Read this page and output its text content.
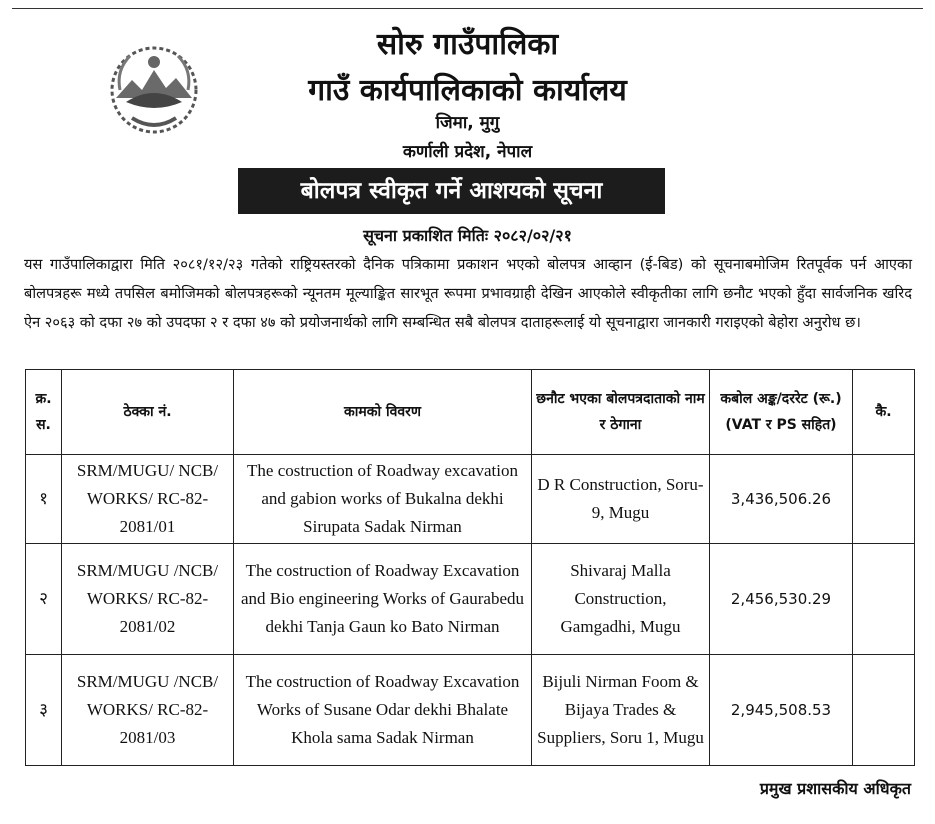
सोरु गाउँपालिका
गाउँ कार्यपालिकाको कार्यालय
जिमा, मुगु
कर्णाली प्रदेश, नेपाल
बोलपत्र स्वीकृत गर्ने आशयको सूचना
सूचना प्रकाशित मितिः २०८२/०२/२१

यस गाउँपालिकाद्वारा मिति २०८१/१२/२३ गतेको राष्ट्रियस्तरको दैनिक पत्रिकामा प्रकाशन भएको बोलपत्र आव्हान (ई-बिड) को सूचनाबमोजिम रितपूर्वक पर्न आएका बोलपत्रहरू मध्ये तपसिल बमोजिमको बोलपत्रहरूको न्यूनतम मूल्याङ्कित सारभूत रूपमा प्रभावग्राही देखिन आएकोले स्वीकृतीका लागि छनौट भएको हुँदा सार्वजनिक खरिद ऐन २०६३ को दफा २७ को उपदफा २ र दफा ४७ को प्रयोजनार्थको लागि सम्बन्धित सबै बोलपत्र दाताहरूलाई यो सूचनाद्वारा जानकारी गराइएको बेहोरा अनुरोध छ।

क्र. स.	ठेक्का नं.	कामको विवरण	छनौट भएका बोलपत्रदाताको नाम र ठेगाना	कबोल अङ्क/दररेट (रू.) (VAT र PS सहित)	कै.
१	SRM/MUGU/ NCB/ WORKS/ RC-82-2081/01	The costruction of Roadway excavation and gabion works of Bukalna dekhi Sirupata Sadak Nirman	D R Construction, Soru-9, Mugu	3,436,506.26	
२	SRM/MUGU /NCB/ WORKS/ RC-82-2081/02	The costruction of Roadway Excavation and Bio engineering Works of Gaurabedu dekhi Tanja Gaun ko Bato Nirman	Shivaraj Malla Construction, Gamgadhi, Mugu	2,456,530.29	
३	SRM/MUGU /NCB/ WORKS/ RC-82-2081/03	The costruction of Roadway Excavation Works of Susane Odar dekhi Bhalate Khola sama Sadak Nirman	Bijuli Nirman Foom & Bijaya Trades & Suppliers, Soru 1, Mugu	2,945,508.53	
प्रमुख प्रशासकीय अधिकृत
